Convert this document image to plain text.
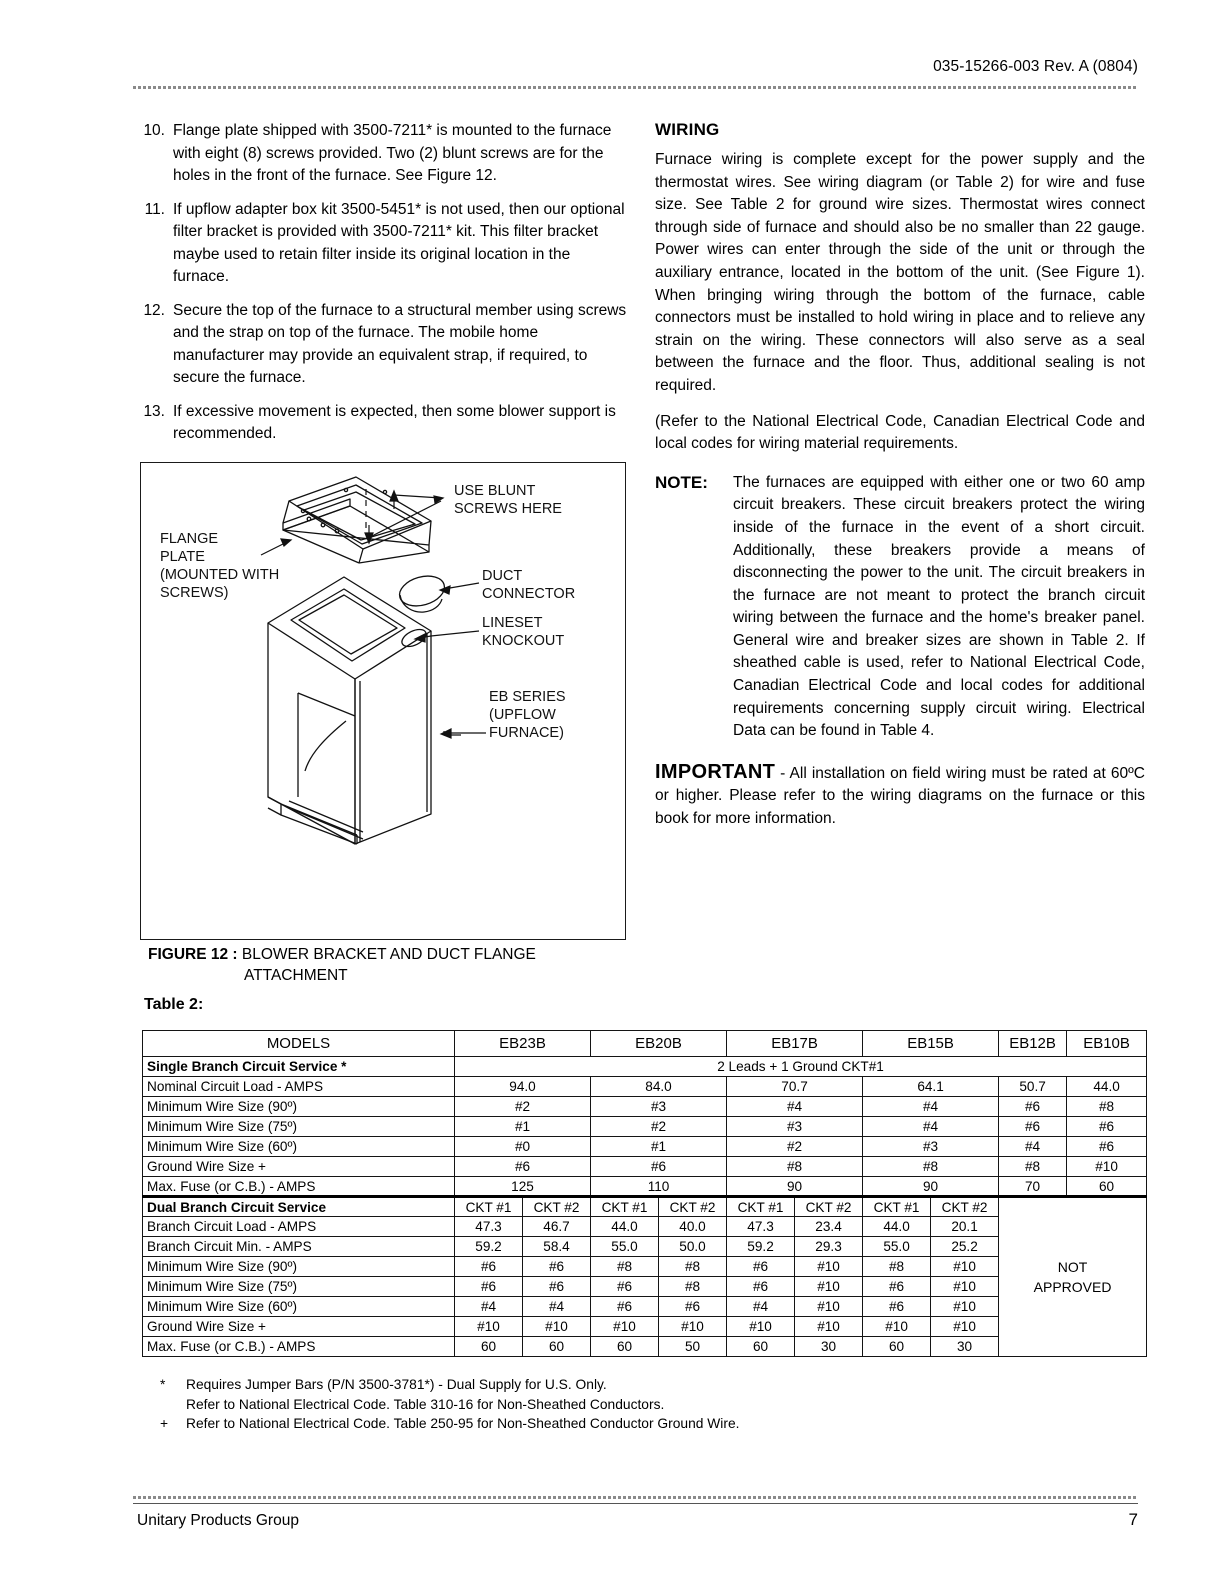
035-15266-003 Rev. A (0804)
10. Flange plate shipped with 3500-7211* is mounted to the furnace with eight (8) screws provided. Two (2) blunt screws are for the holes in the front of the furnace. See Figure 12.
11. If upflow adapter box kit 3500-5451* is not used, then our optional filter bracket is provided with 3500-7211* kit. This filter bracket maybe used to retain filter inside its original location in the furnace.
12. Secure the top of the furnace to a structural member using screws and the strap on top of the furnace. The mobile home manufacturer may provide an equivalent strap, if required, to secure the furnace.
13. If excessive movement is expected, then some blower support is recommended.
USE BLUNT
SCREWS HERE
FLANGE
PLATE
(MOUNTED WITH
SCREWS)
DUCT
CONNECTOR
LINESET
KNOCKOUT
EB SERIES
(UPFLOW
FURNACE)
FIGURE 12 : BLOWER BRACKET AND DUCT FLANGE
ATTACHMENT
WIRING

Furnace wiring is complete except for the power supply and the thermostat wires. See wiring diagram (or Table 2) for wire and fuse size. See Table 2 for ground wire sizes. Thermostat wires connect through side of furnace and should also be no smaller than 22 gauge. Power wires can enter through the side of the unit or through the auxiliary entrance, located in the bottom of the unit. (See Figure 1). When bringing wiring through the bottom of the furnace, cable connectors must be installed to hold wiring in place and to relieve any strain on the wiring. These connectors will also serve as a seal between the furnace and the floor. Thus, additional sealing is not required.

(Refer to the National Electrical Code, Canadian Electrical Code and local codes for wiring material requirements.

NOTE:	The furnaces are equipped with either one or two 60 amp circuit breakers. These circuit breakers protect the wiring inside of the furnace in the event of a short circuit. Additionally, these breakers provide a means of disconnecting the power to the unit. The circuit breakers in the furnace are not meant to protect the branch circuit wiring between the furnace and the home's breaker panel. General wire and breaker sizes are shown in Table 2. If sheathed cable is used, refer to National Electrical Code, Canadian Electrical Code and local codes for additional requirements concerning supply circuit wiring. Electrical Data can be found in Table 4.
IMPORTANT - All installation on field wiring must be rated at 60ºC or higher. Please refer to the wiring diagrams on the furnace or this book for more information.
Table 2:
MODELS	EB23B		EB20B		EB17B		EB15B		EB12B	EB10B
Single Branch Circuit Service *	2 Leads + 1 Ground CKT#1									
Nominal Circuit Load - AMPS	94.0		84.0		70.7		64.1		50.7	44.0
Minimum Wire Size (90º)	#2		#3		#4		#4		#6	#8
Minimum Wire Size (75º)	#1		#2		#3		#4		#6	#6
Minimum Wire Size (60º)	#0		#1		#2		#3		#4	#6
Ground Wire Size +	#6		#6		#8		#8		#8	#10
Max. Fuse (or C.B.) - AMPS	125		110		90		90		70	60
Dual Branch Circuit Service	CKT #1	CKT #2	CKT #1	CKT #2	CKT #1	CKT #2	CKT #1	CKT #2	NOT
APPROVED	
Branch Circuit Load - AMPS	47.3	46.7	44.0	40.0	47.3	23.4	44.0	20.1		
Branch Circuit Min. - AMPS	59.2	58.4	55.0	50.0	59.2	29.3	55.0	25.2		
Minimum Wire Size (90º)	#6	#6	#8	#8	#6	#10	#8	#10		
Minimum Wire Size (75º)	#6	#6	#6	#8	#6	#10	#6	#10		
Minimum Wire Size (60º)	#4	#4	#6	#6	#4	#10	#6	#10		
Ground Wire Size +	#10	#10	#10	#10	#10	#10	#10	#10		
Max. Fuse (or C.B.) - AMPS	60	60	60	50	60	30	60	30		
*	Requires Jumper Bars (P/N 3500-3781*) - Dual Supply for U.S. Only.
Refer to National Electrical Code. Table 310-16 for Non-Sheathed Conductors.
+	Refer to National Electrical Code. Table 250-95 for Non-Sheathed Conductor Ground Wire.
Unitary Products Group	7
